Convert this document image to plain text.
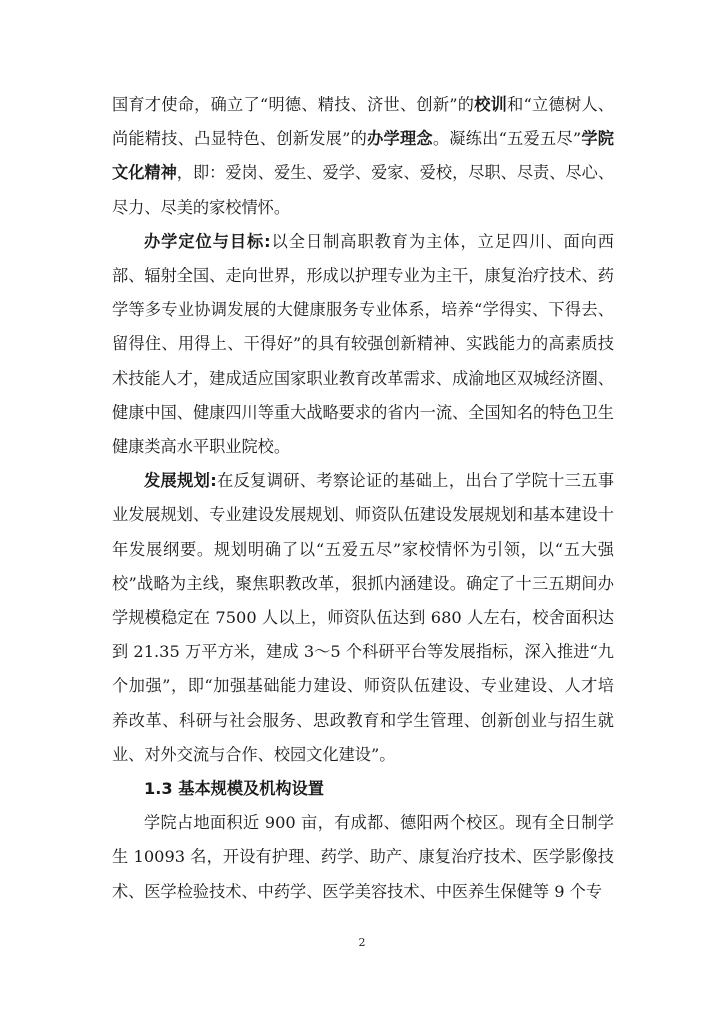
国育才使命，确立了“明德、精技、济世、创新”的校训和“立德树人、尚能精技、凸显特色、创新发展”的办学理念。凝练出“五爱五尽”学院文化精神，即：爱岗、爱生、爱学、爱家、爱校，尽职、尽责、尽心、尽力、尽美的家校情怀。

办学定位与目标:以全日制高职教育为主体，立足四川、面向西部、辐射全国、走向世界，形成以护理专业为主干，康复治疗技术、药学等多专业协调发展的大健康服务专业体系，培养“学得实、下得去、留得住、用得上、干得好”的具有较强创新精神、实践能力的高素质技术技能人才，建成适应国家职业教育改革需求、成渝地区双城经济圈、健康中国、健康四川等重大战略要求的省内一流、全国知名的特色卫生健康类高水平职业院校。

发展规划:在反复调研、考察论证的基础上，出台了学院十三五事业发展规划、专业建设发展规划、师资队伍建设发展规划和基本建设十年发展纲要。规划明确了以“五爱五尽”家校情怀为引领，以“五大强校”战略为主线，聚焦职教改革，狠抓内涵建设。确定了十三五期间办学规模稳定在 7500 人以上，师资队伍达到 680 人左右，校舍面积达到 21.35 万平方米，建成 3～5 个科研平台等发展指标，深入推进“九个加强”，即“加强基础能力建设、师资队伍建设、专业建设、人才培养改革、科研与社会服务、思政教育和学生管理、创新创业与招生就业、对外交流与合作、校园文化建设”。

1.3 基本规模及机构设置

学院占地面积近 900 亩，有成都、德阳两个校区。现有全日制学生 10093 名，开设有护理、药学、助产、康复治疗技术、医学影像技术、医学检验技术、中药学、医学美容技术、中医养生保健等 9 个专

2
